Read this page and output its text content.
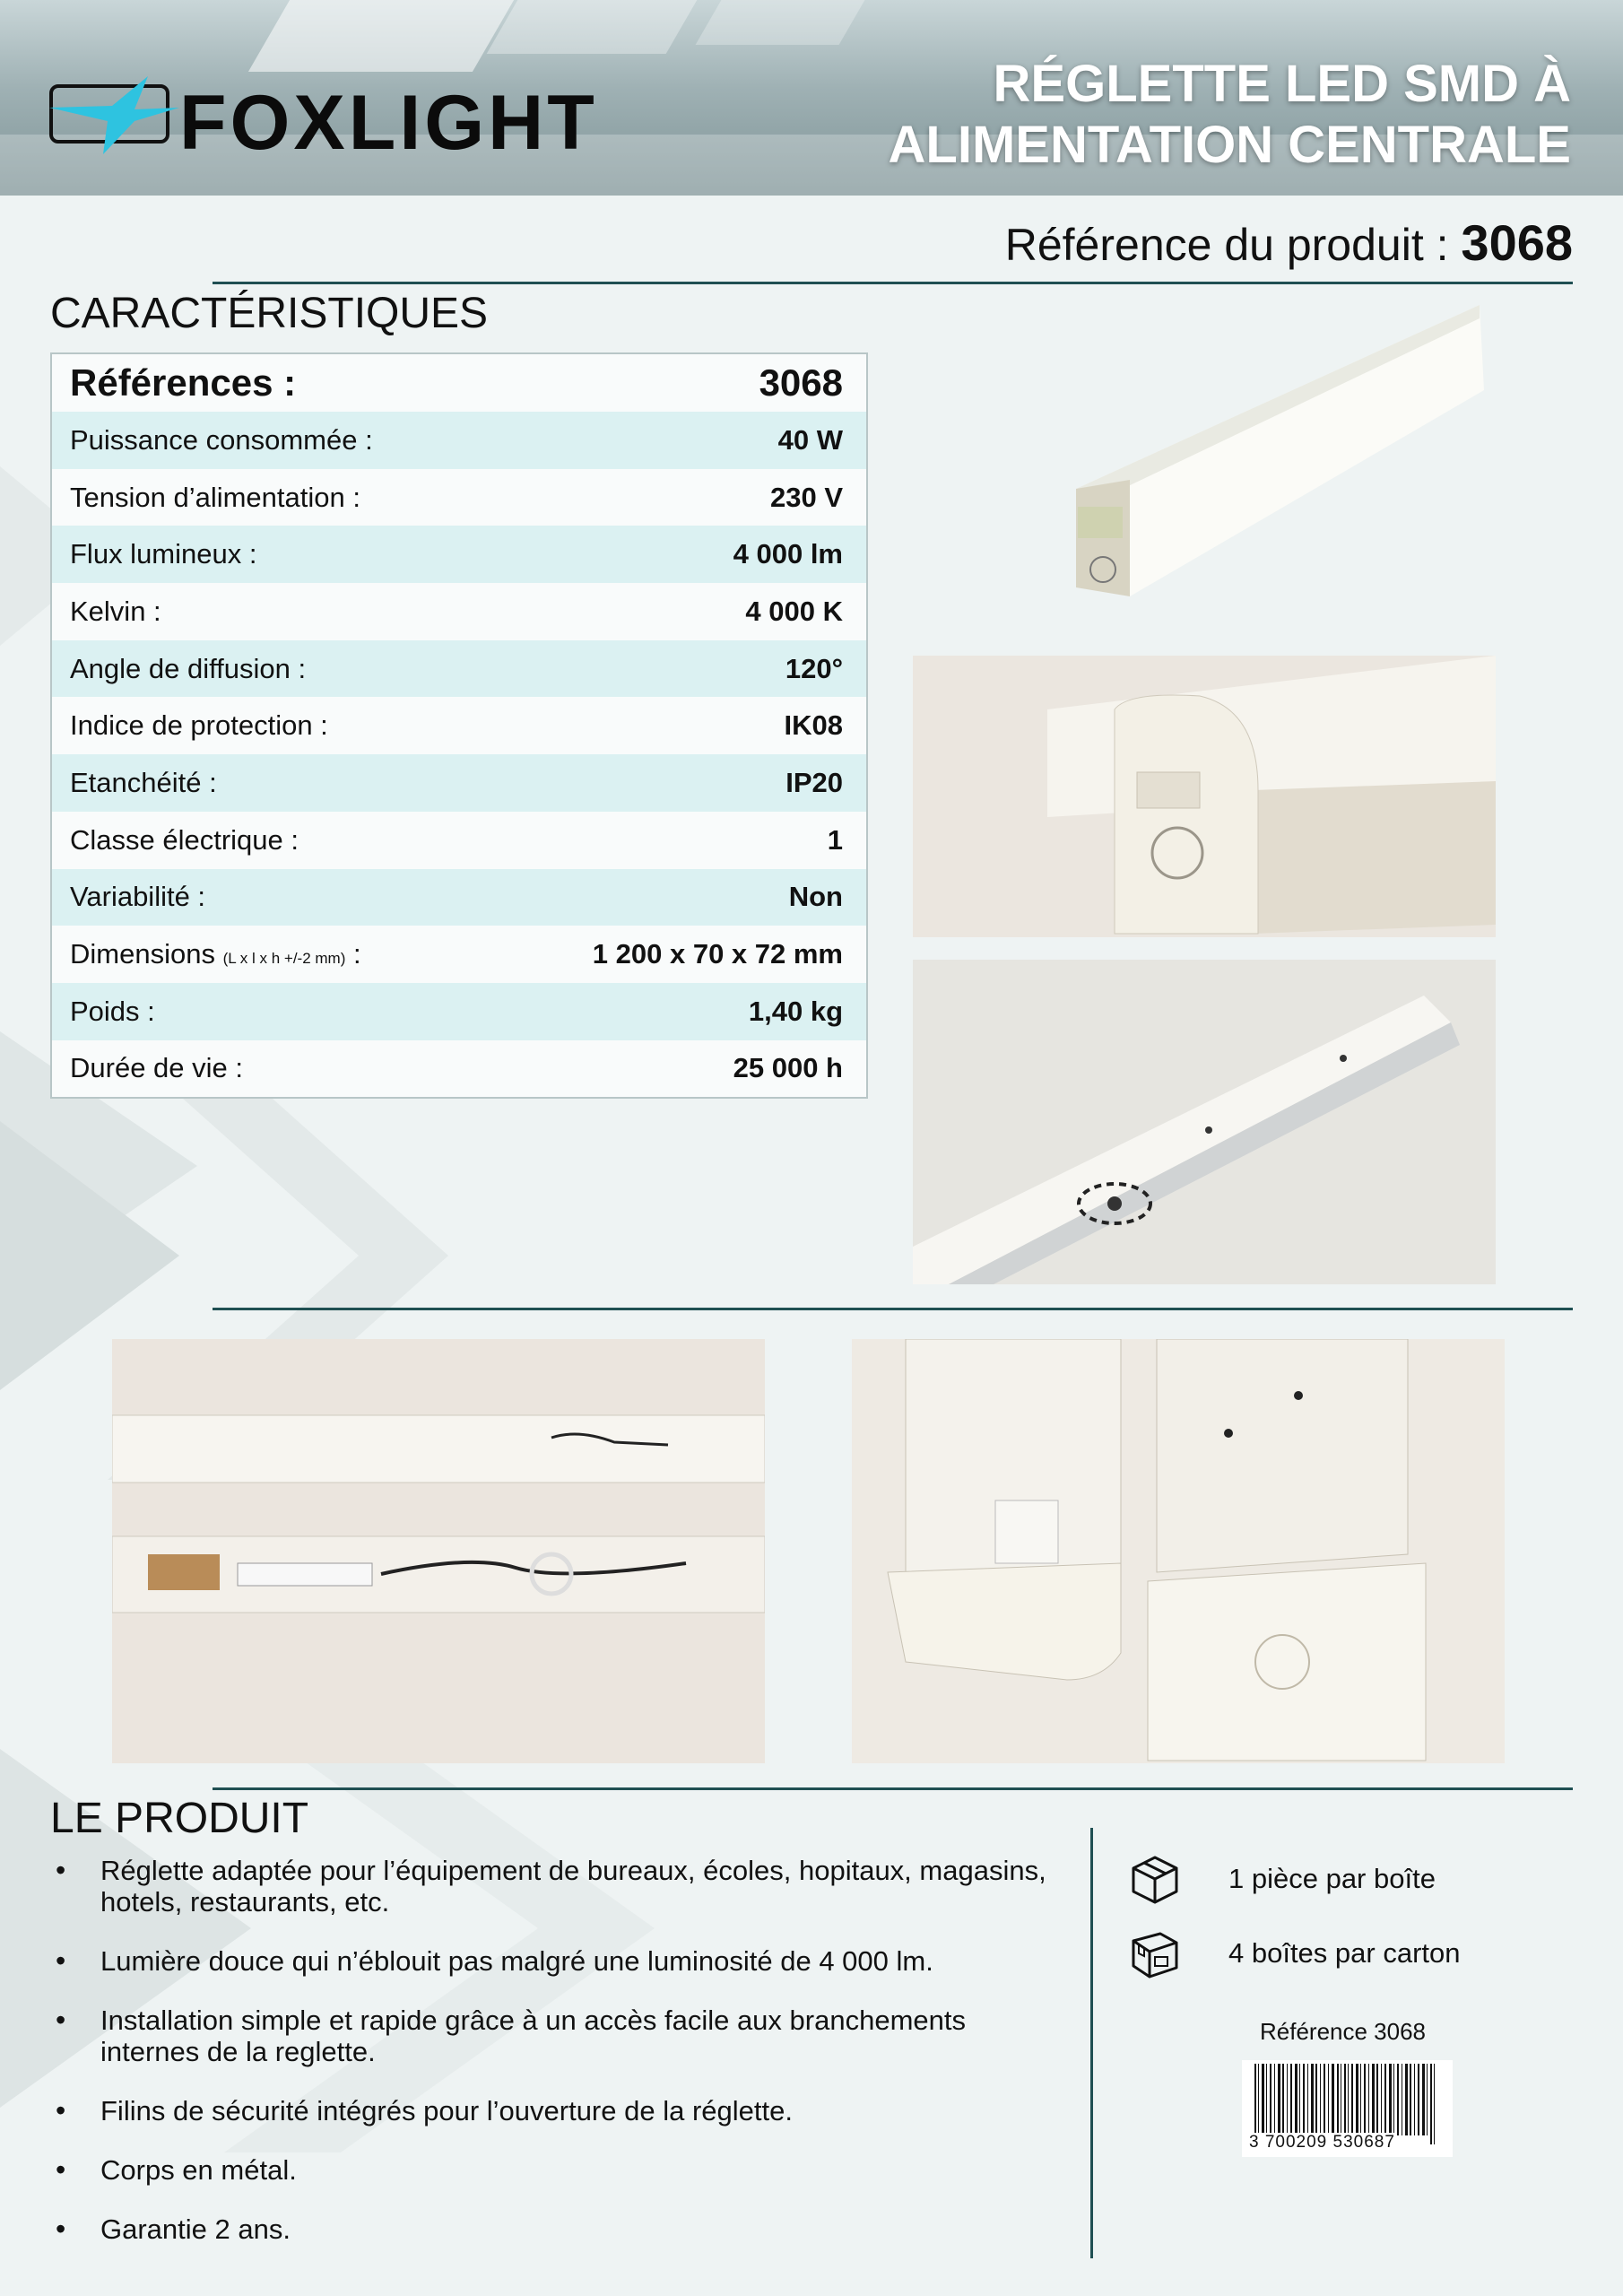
FOXLIGHT	RÉGLETTE LED SMD À
ALIMENTATION CENTRALE
Référence du produit : 3068
CARACTÉRISTIQUES
Références :	3068
Puissance consommée :	40 W
Tension d’alimentation :	230 V
Flux lumineux :	4 000 lm
Kelvin :	4 000 K
Angle de diffusion :	120°
Indice de protection :	IK08
Etanchéité :	IP20
Classe électrique :	1
Variabilité :	Non
Dimensions (L x l x h +/-2 mm) :	1 200 x 70 x 72 mm
Poids :	1,40 kg
Durée de vie :	25 000 h
LE PRODUIT
• Réglette adaptée pour l’équipement de bureaux, écoles, hopitaux, magasins, hotels, restaurants, etc.
• Lumière douce qui n’éblouit pas malgré une luminosité de 4 000 lm.
• Installation simple et rapide grâce à un accès facile aux branchements internes de la reglette.
• Filins de sécurité intégrés pour l’ouverture de la réglette.
• Corps en métal.
• Garantie 2 ans.
1 pièce par boîte
4 boîtes par carton
Référence 3068
3 700209 530687
